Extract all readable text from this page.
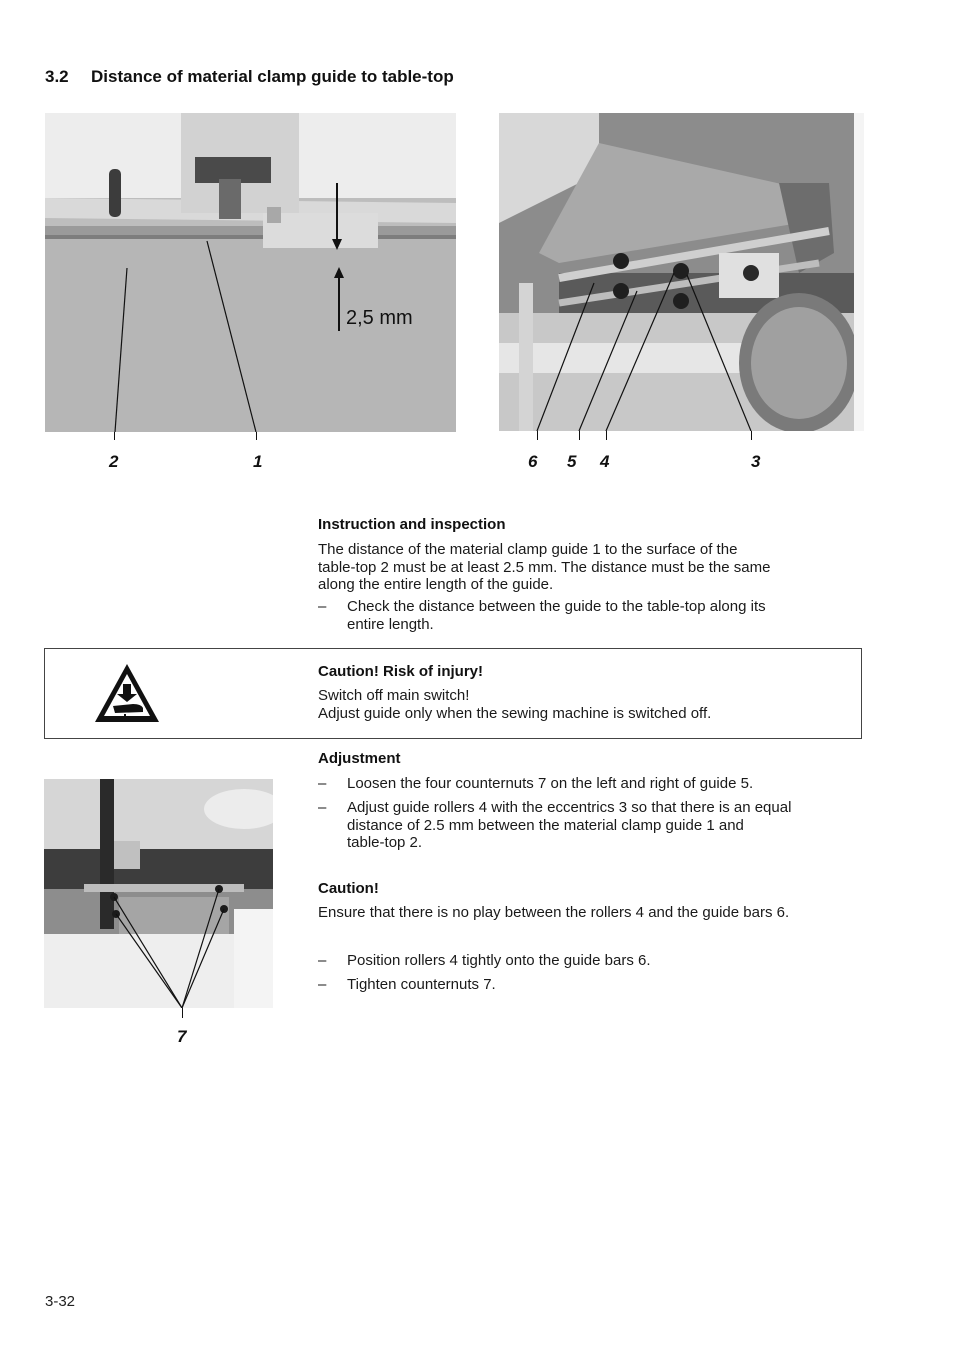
3.2 Distance of material clamp guide to table-top
2,5 mm
2	1	6 5 4	3
Instruction and inspection
The distance of the material clamp guide 1 to the surface of the
table-top 2 must be at least 2.5 mm. The distance must be the same
along the entire length of the guide.
– Check the distance between the guide to the table-top along its
entire length.
Caution! Risk of injury!
Switch off main switch!
Adjust guide only when the sewing machine is switched off.
Adjustment
– Loosen the four counternuts 7 on the left and right of guide 5.
– Adjust guide rollers 4 with the eccentrics 3 so that there is an equal
distance of 2.5 mm between the material clamp guide 1 and
table-top 2.
Caution!
Ensure that there is no play between the rollers 4 and the guide bars 6.
– Position rollers 4 tightly onto the guide bars 6.
– Tighten counternuts 7.
7
3-32
